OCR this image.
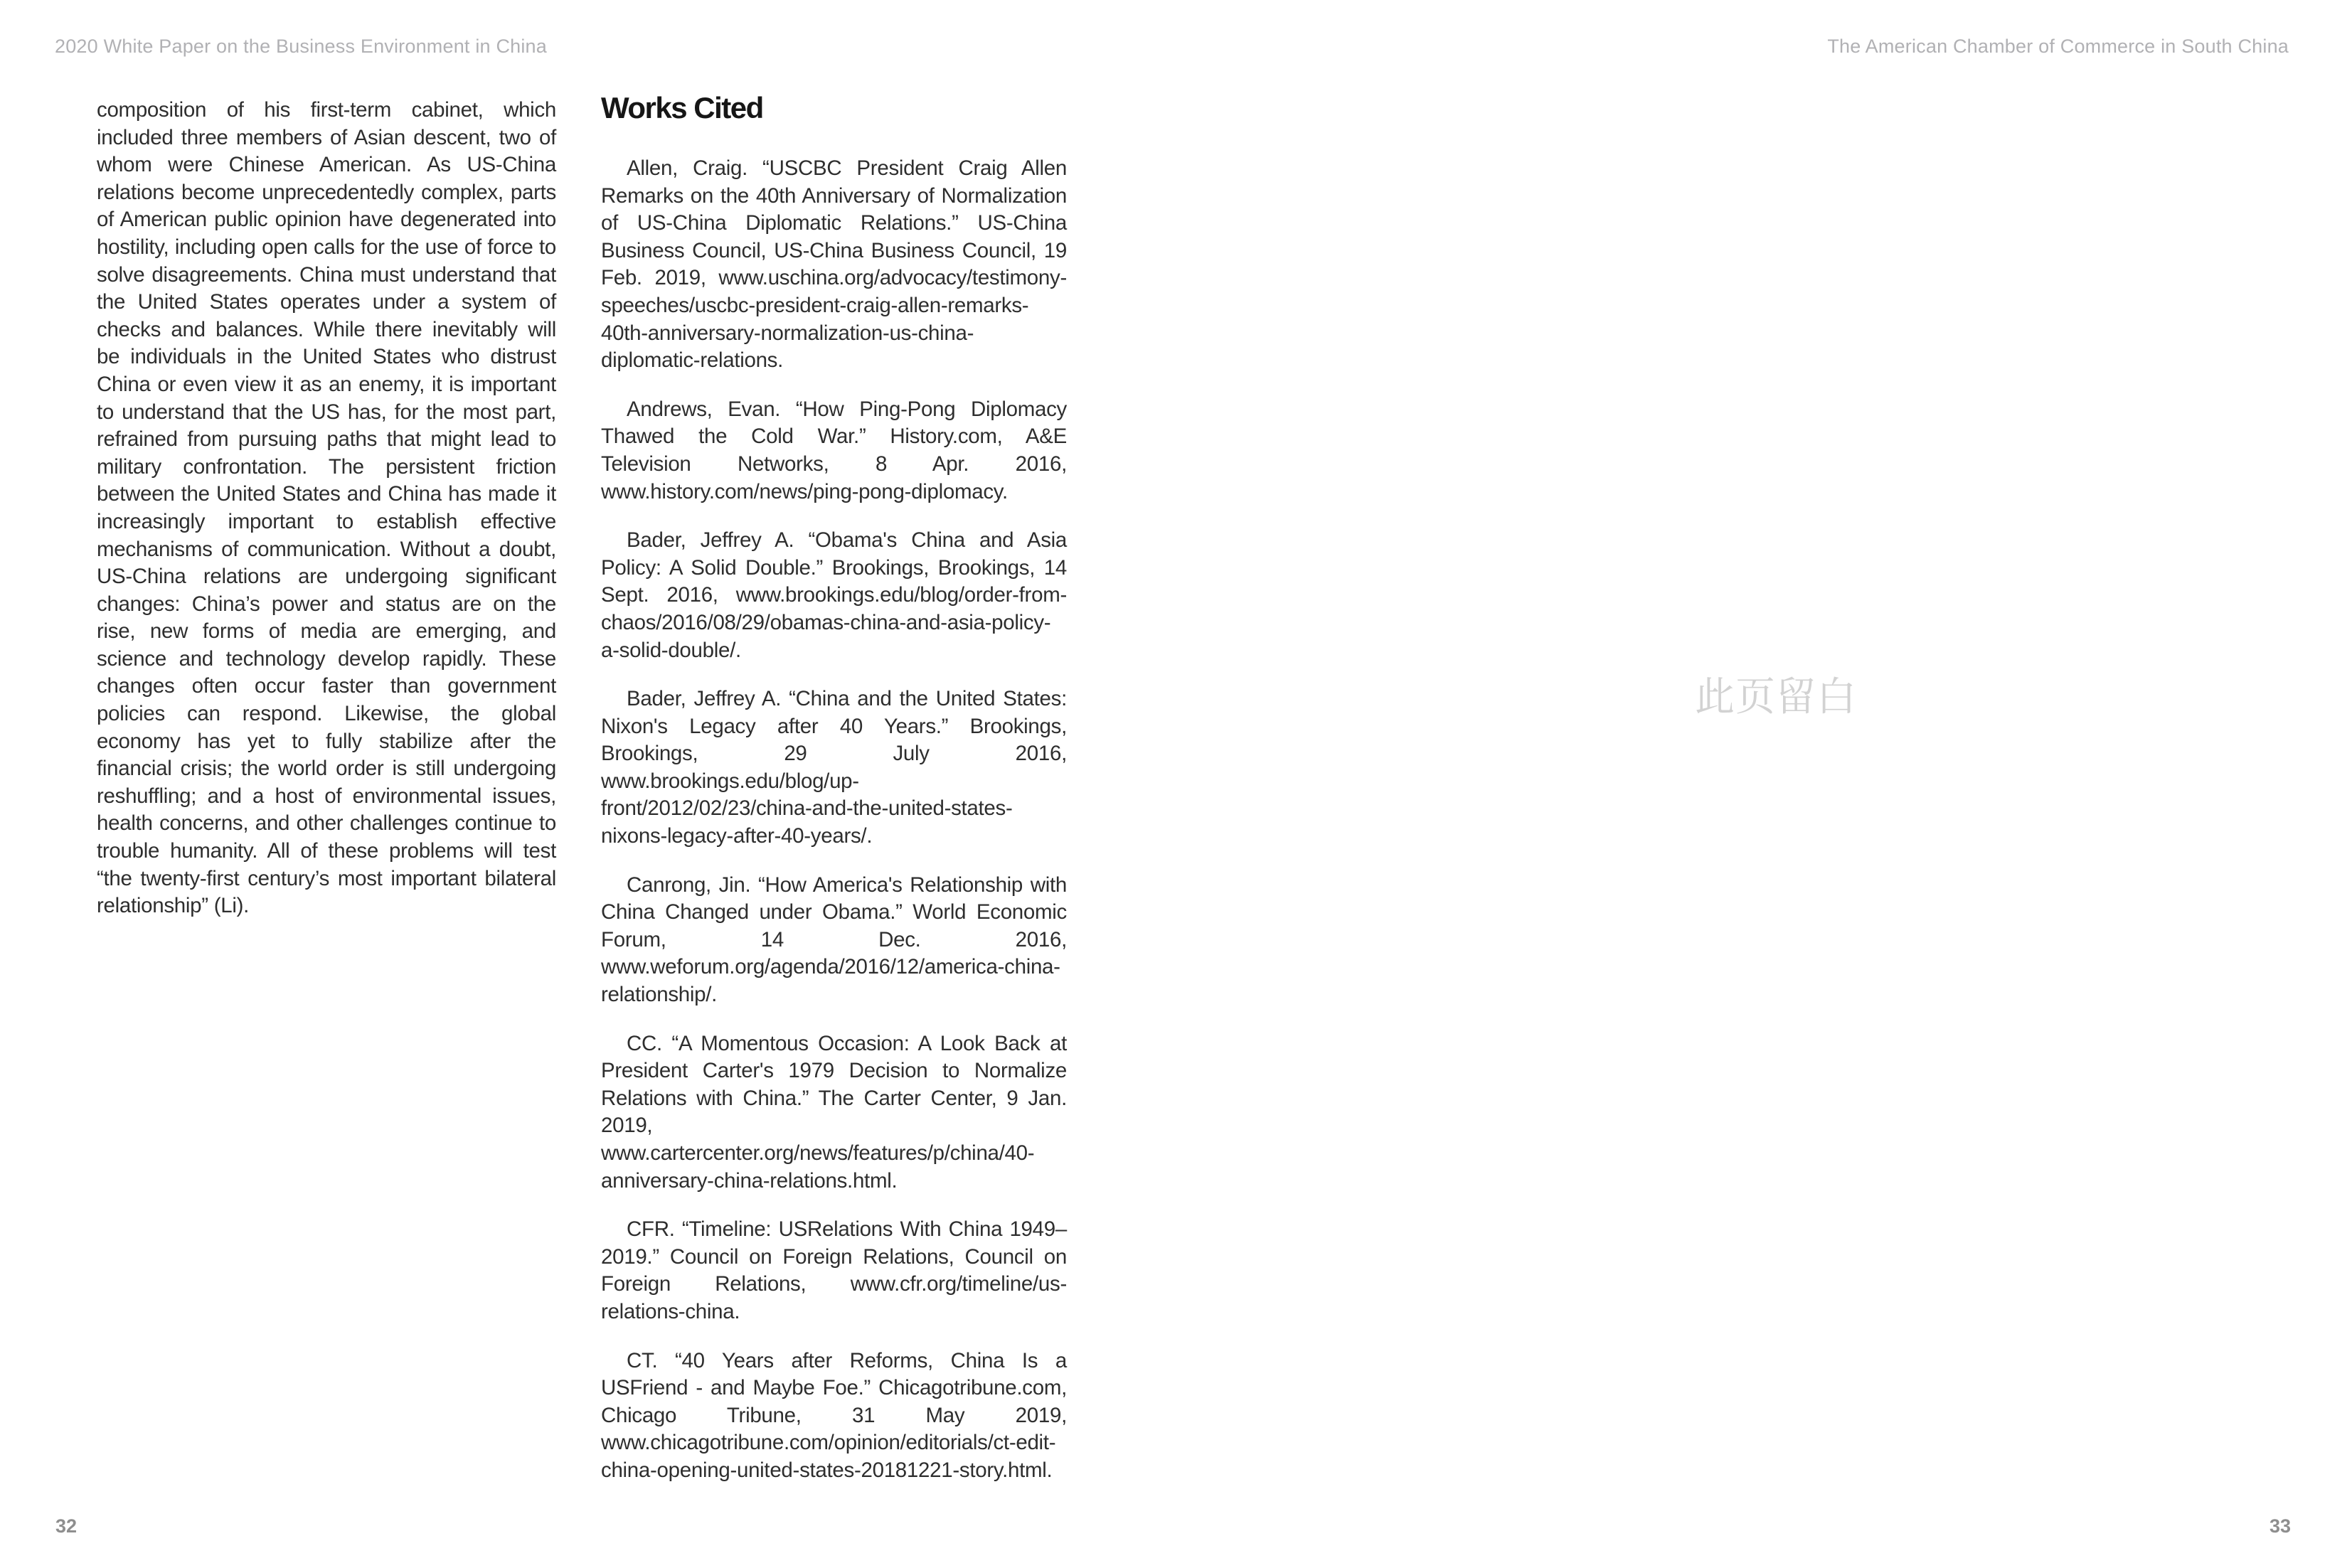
2020 White Paper on the Business Environment in China	The American Chamber of Commerce in South China
composition of his first-term cabinet, which included three members of Asian descent, two of whom were Chinese American. As US-China relations become unprecedentedly complex, parts of American public opinion have degenerated into hostility, including open calls for the use of force to solve disagreements. China must understand that the United States operates under a system of checks and balances. While there inevitably will be individuals in the United States who distrust China or even view it as an enemy, it is important to understand that the US has, for the most part, refrained from pursuing paths that might lead to military confrontation. The persistent friction between the United States and China has made it increasingly important to establish effective mechanisms of communication. Without a doubt, US-China relations are undergoing significant changes: China’s power and status are on the rise, new forms of media are emerging, and science and technology develop rapidly. These changes often occur faster than government policies can respond. Likewise, the global economy has yet to fully stabilize after the financial crisis; the world order is still undergoing reshuffling; and a host of environmental issues, health concerns, and other challenges continue to trouble humanity. All of these problems will test “the twenty-first century’s most important bilateral relationship” (Li).
Works Cited

Allen, Craig. “USCBC President Craig Allen Remarks on the 40th Anniversary of Normalization of US-China Diplomatic Relations.” US-China Business Council, US-China Business Council, 19 Feb. 2019, www.uschina.org/advocacy/testimony-speeches/uscbc-president-craig-allen-remarks-40th-anniversary-normalization-us-china-diplomatic-relations.

Andrews, Evan. “How Ping-Pong Diplomacy Thawed the Cold War.” History.com, A&E Television Networks, 8 Apr. 2016, www.history.com/news/ping-pong-diplomacy.

Bader, Jeffrey A. “Obama's China and Asia Policy: A Solid Double.” Brookings, Brookings, 14 Sept. 2016, www.brookings.edu/blog/order-from-chaos/2016/08/29/obamas-china-and-asia-policy-a-solid-double/.

Bader, Jeffrey A. “China and the United States: Nixon's Legacy after 40 Years.” Brookings, Brookings, 29 July 2016, www.brookings.edu/blog/up-front/2012/02/23/china-and-the-united-states-nixons-legacy-after-40-years/.

Canrong, Jin. “How America's Relationship with China Changed under Obama.” World Economic Forum, 14 Dec. 2016, www.weforum.org/agenda/2016/12/america-china-relationship/.

CC. “A Momentous Occasion: A Look Back at President Carter's 1979 Decision to Normalize Relations with China.” The Carter Center, 9 Jan. 2019, www.cartercenter.org/news/features/p/china/40-anniversary-china-relations.html.

CFR. “Timeline: USRelations With China 1949–2019.” Council on Foreign Relations, Council on Foreign Relations, www.cfr.org/timeline/us-relations-china.

CT. “40 Years after Reforms, China Is a USFriend - and Maybe Foe.” Chicagotribune.com, Chicago Tribune, 31 May 2019, www.chicagotribune.com/opinion/editorials/ct-edit-china-opening-united-states-20181221-story.html.

32
此页留白
33
